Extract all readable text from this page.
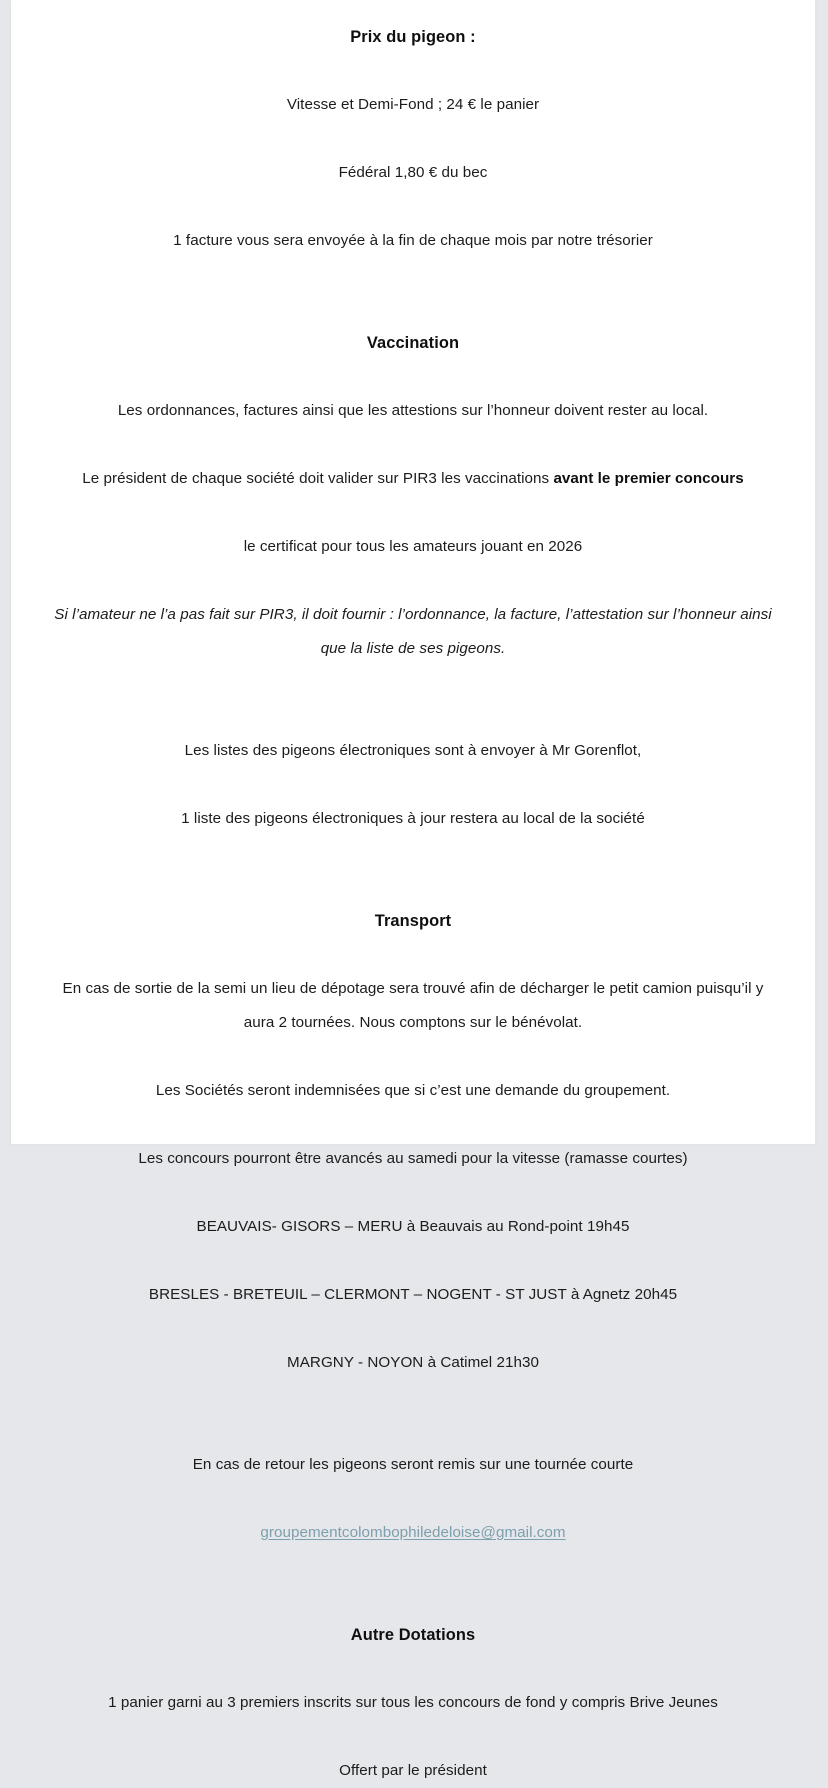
Prix du pigeon :
Vitesse et Demi-Fond ; 24 € le panier
Fédéral 1,80 € du bec
1 facture vous sera envoyée à la fin de chaque mois par notre trésorier
Vaccination
Les ordonnances, factures ainsi que les attestions sur l’honneur doivent rester au local.
Le président de chaque société doit valider sur PIR3 les vaccinations avant le premier concours
le certificat pour tous les amateurs jouant en 2026
Si l’amateur ne l’a pas fait sur PIR3, il doit fournir : l’ordonnance, la facture, l’attestation sur l’honneur ainsi que la liste de ses pigeons.
Les listes des pigeons électroniques sont à envoyer à Mr Gorenflot,
1 liste des pigeons électroniques à jour restera au local de la société
Transport
En cas de sortie de la semi un lieu de dépotage sera trouvé afin de décharger le petit camion puisqu’il y aura 2 tournées. Nous comptons sur le bénévolat.
Les Sociétés seront indemnisées que si c’est une demande du groupement.
Les concours pourront être avancés au samedi pour la vitesse (ramasse courtes)
BEAUVAIS- GISORS – MERU à Beauvais au Rond-point 19h45
BRESLES - BRETEUIL – CLERMONT – NOGENT - ST JUST à Agnetz 20h45
MARGNY - NOYON à Catimel 21h30
En cas de retour les pigeons seront remis sur une tournée courte
groupementcolombophiledeloise@gmail.com
Autre Dotations
1 panier garni au 3 premiers inscrits sur tous les concours de fond y compris Brive Jeunes
Offert par le président
